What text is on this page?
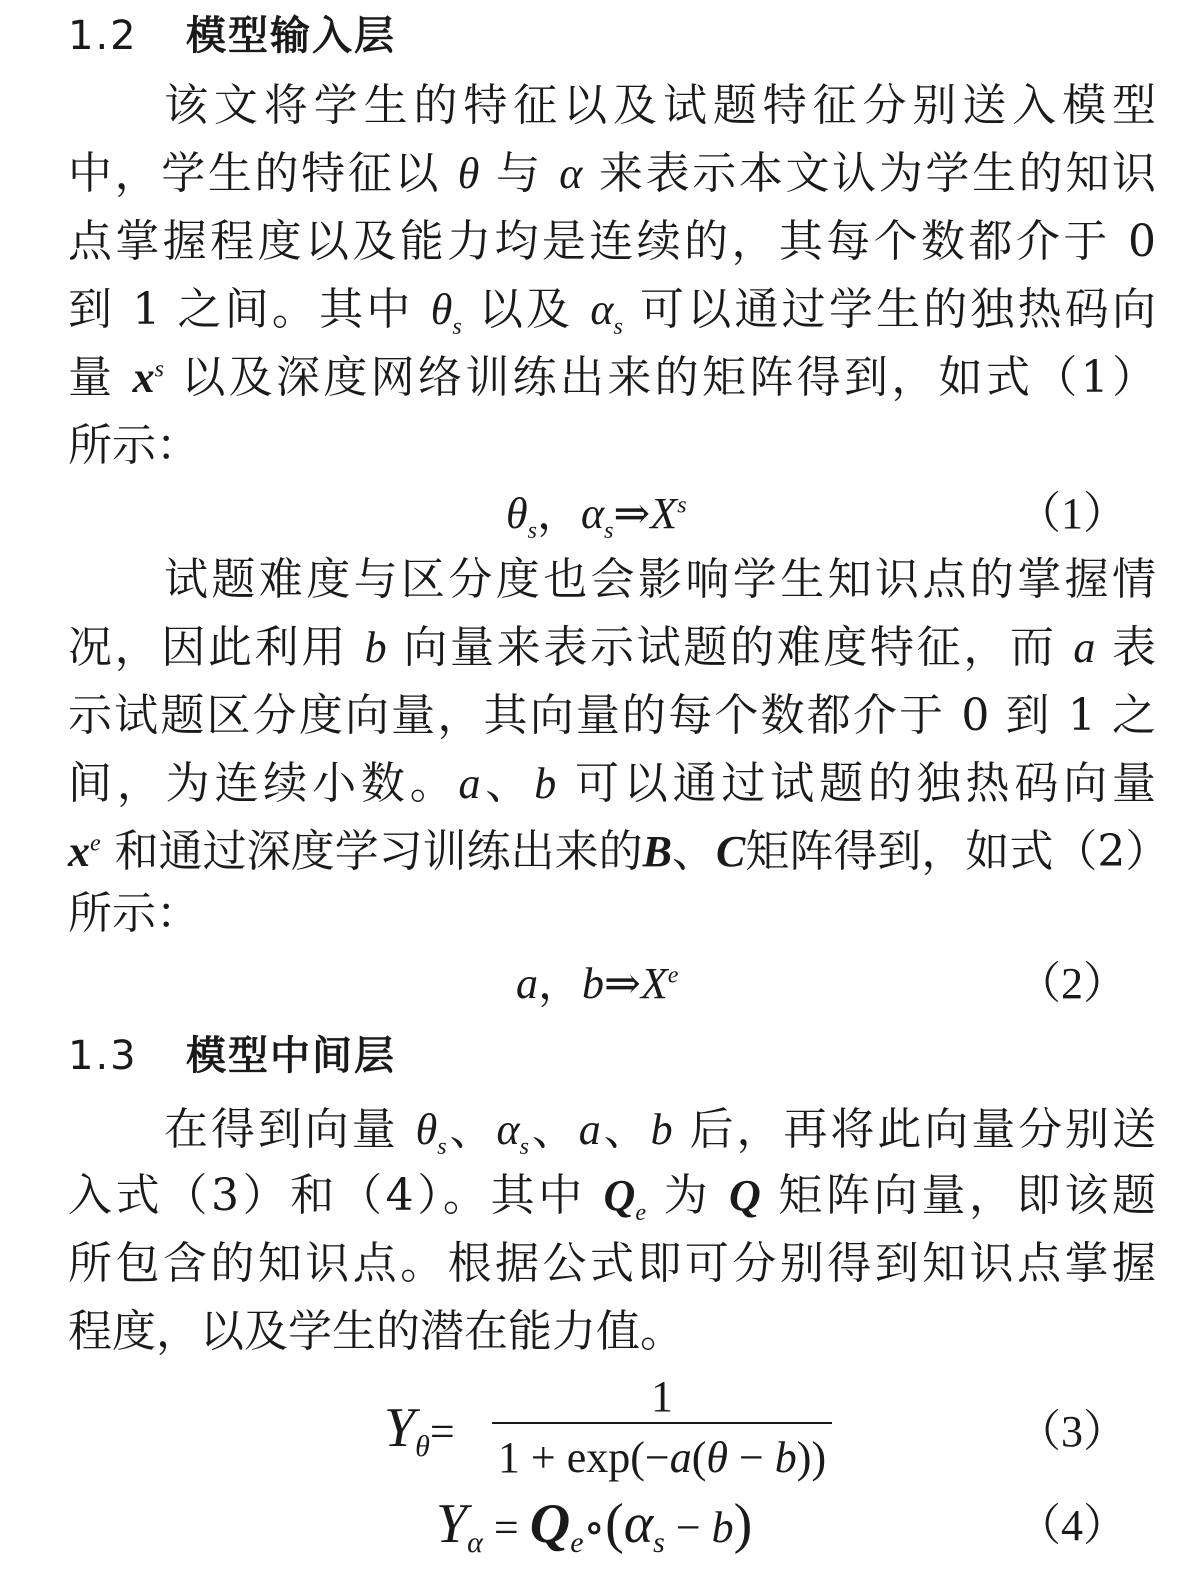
1.2 模型输入层
该文将学生的特征以及试题特征分别送入模型
中，学生的特征以 θ 与 α 来表示本文认为学生的知识
点掌握程度以及能力均是连续的，其每个数都介于 0
到 1 之间。其中 $\theta_s$ 以及 $\alpha_s$ 可以通过学生的独热码向
量 $x^s$ 以及深度网络训练出来的矩阵得到，如式（1）
所示：
$\theta_s$，$\alpha_s\Rightarrow X^s$	（1）
试题难度与区分度也会影响学生知识点的掌握情
况，因此利用 b 向量来表示试题的难度特征，而 a 表
示试题区分度向量，其向量的每个数都介于 0 到 1 之
间，为连续小数。a、b 可以通过试题的独热码向量
$x^e$ 和通过深度学习训练出来的B、C矩阵得到，如式（2）
所示：
a，b⇒Xe	（2）
1.3 模型中间层
在得到向量 $\theta_s$、$\alpha_s$、a、b 后，再将此向量分别送
入式（3）和（4）。其中 $Q_e$ 为 Q 矩阵向量，即该题
所包含的知识点。根据公式即可分别得到知识点掌握
程度，以及学生的潜在能力值。
$Y_\theta=$
1
1 + exp(−a(θ − b))
（3）
$Y_\alpha$ = $Q_e\circ(\alpha_s - b)$	（4）
